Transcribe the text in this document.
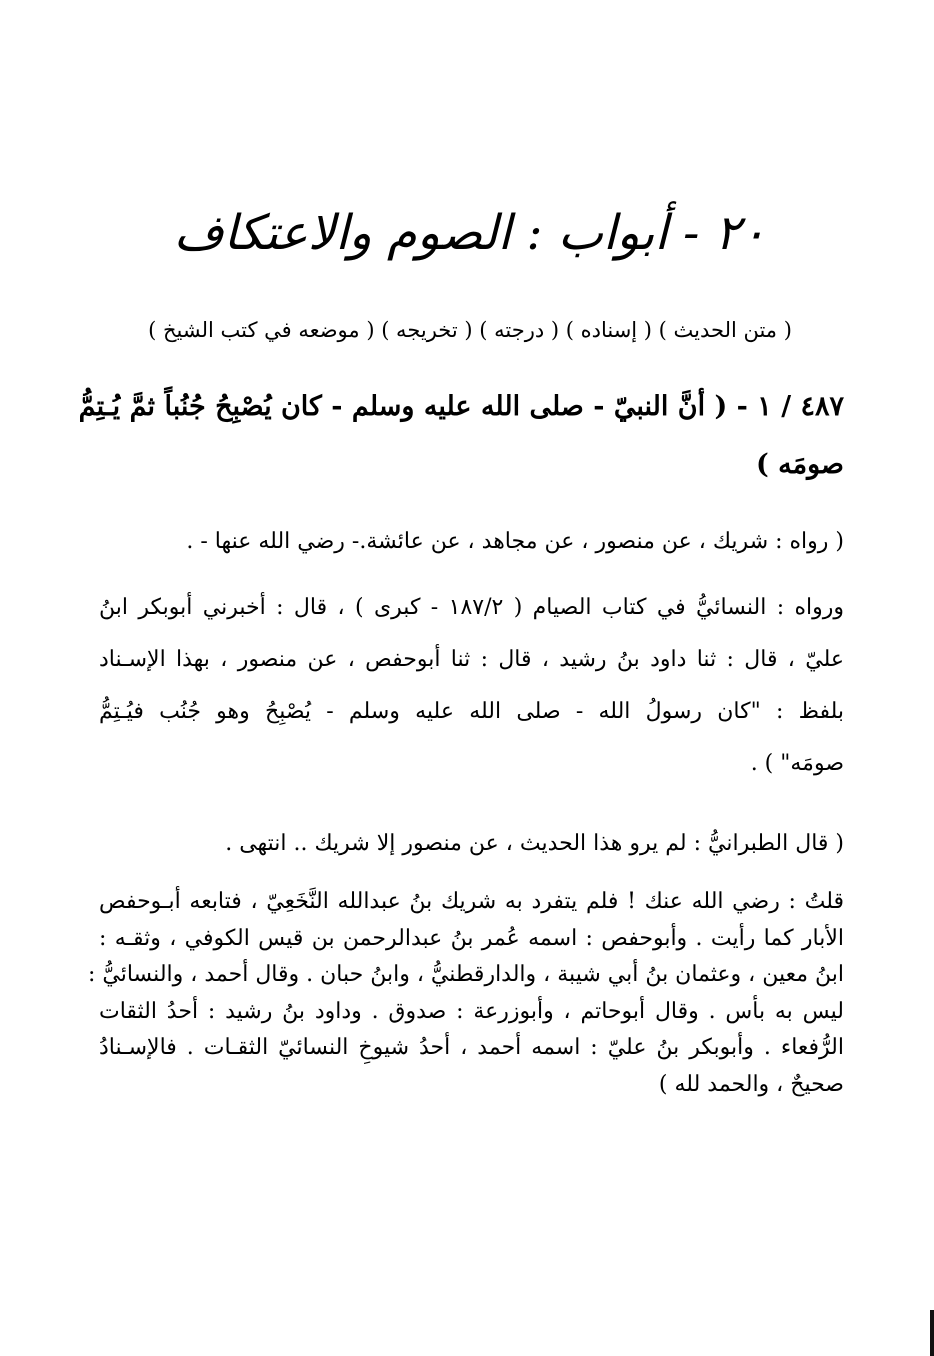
٢٠ - أبواب : الصوم والاعتكاف
( متن الحديث ) ( إسناده ) ( درجته ) ( تخريجه ) ( موضعه في كتب الشيخ )
٤٨٧ / ١ - ( أنَّ النبيّ - صلى الله عليه وسلم - كان يُصْبِحُ جُنُباً ثمَّ يُـتِمُّ
صومَه )
( رواه : شريك ، عن منصور ، عن مجاهد ، عن عائشة.- رضي الله عنها - .
ورواه : النسائيُّ في كتاب الصيام ( ١٨٧/٢ - كبرى ) ، قال : أخبرني أبوبكر ابنُ
عليّ ، قال : ثنا داود بنُ رشيد ، قال : ثنا أبوحفص ، عن منصور ، بهذا الإسـناد
بلفظ : "كان رسولُ الله - صلى الله عليه وسلم - يُصْبِحُ وهو جُنُب فيُـتِمُّ
صومَه" ) .
( قال الطبرانيُّ : لم يرو هذا الحديث ، عن منصور إلا شريك .. انتهى .
قلتُ : رضي الله عنك ! فلم يتفرد به شريك بنُ عبدالله النَّخَعِيّ ، فتابعه أبـوحفص
الأبار كما رأيت . وأبوحفص : اسمه عُمر بنُ عبدالرحمن بن قيس الكوفي ، وثقـه :
ابنُ معين ، وعثمان بنُ أبي شيبة ، والدارقطنيُّ ، وابنُ حبان . وقال أحمد ، والنسائيُّ :
ليس به بأس . وقال أبوحاتم ، وأبوزرعة : صدوق . وداود بنُ رشيد : أحدُ الثقات
الرُّفعاء . وأبوبكر بنُ عليّ : اسمه أحمد ، أحدُ شيوخِ النسائيّ الثقـات . فالإسـنادُ
صحيحٌ ، والحمد لله )
